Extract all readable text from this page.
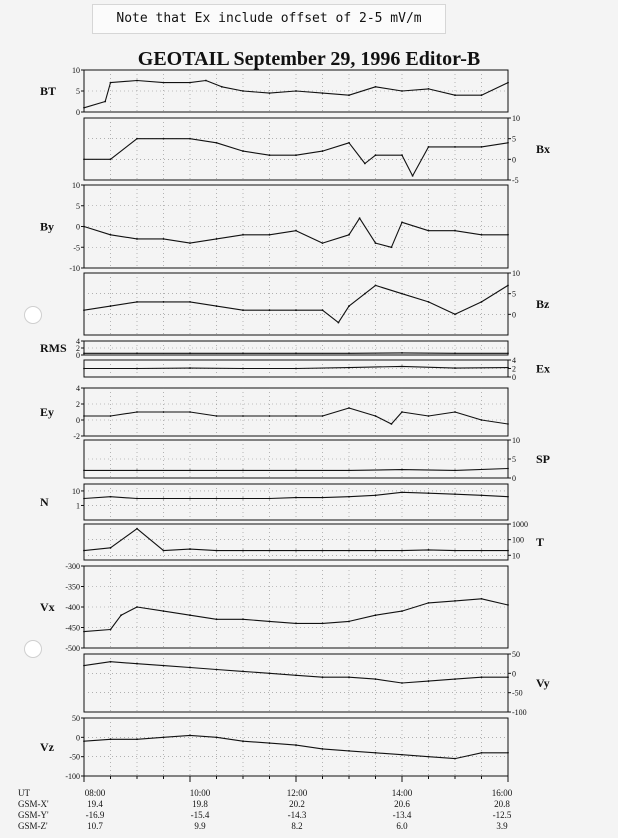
Note that Ex include offset of 2-5 mV/m
GEOTAIL September 29, 1996 Editor-B
0
5
10
BT
-5
0
5
10
Bx
-10
-5
0
5
10
By
0
5
10
Bz
0
2
4
RMS
0
2
4
Ex
-2
0
2
4
Ey
0
5
10
SP
1
10
N
10
100
1000
T
-500
-450
-400
-350
-300
Vx
-100
-50
0
50
Vy
-100
-50
0
50
Vz
UT	08:00	10:00	12:00	14:00	16:00
GSM-X'	19.4	19.8	20.2	20.6	20.8
GSM-Y'	-16.9	-15.4	-14.3	-13.4	-12.5
GSM-Z'	10.7	9.9	8.2	6.0	3.9
